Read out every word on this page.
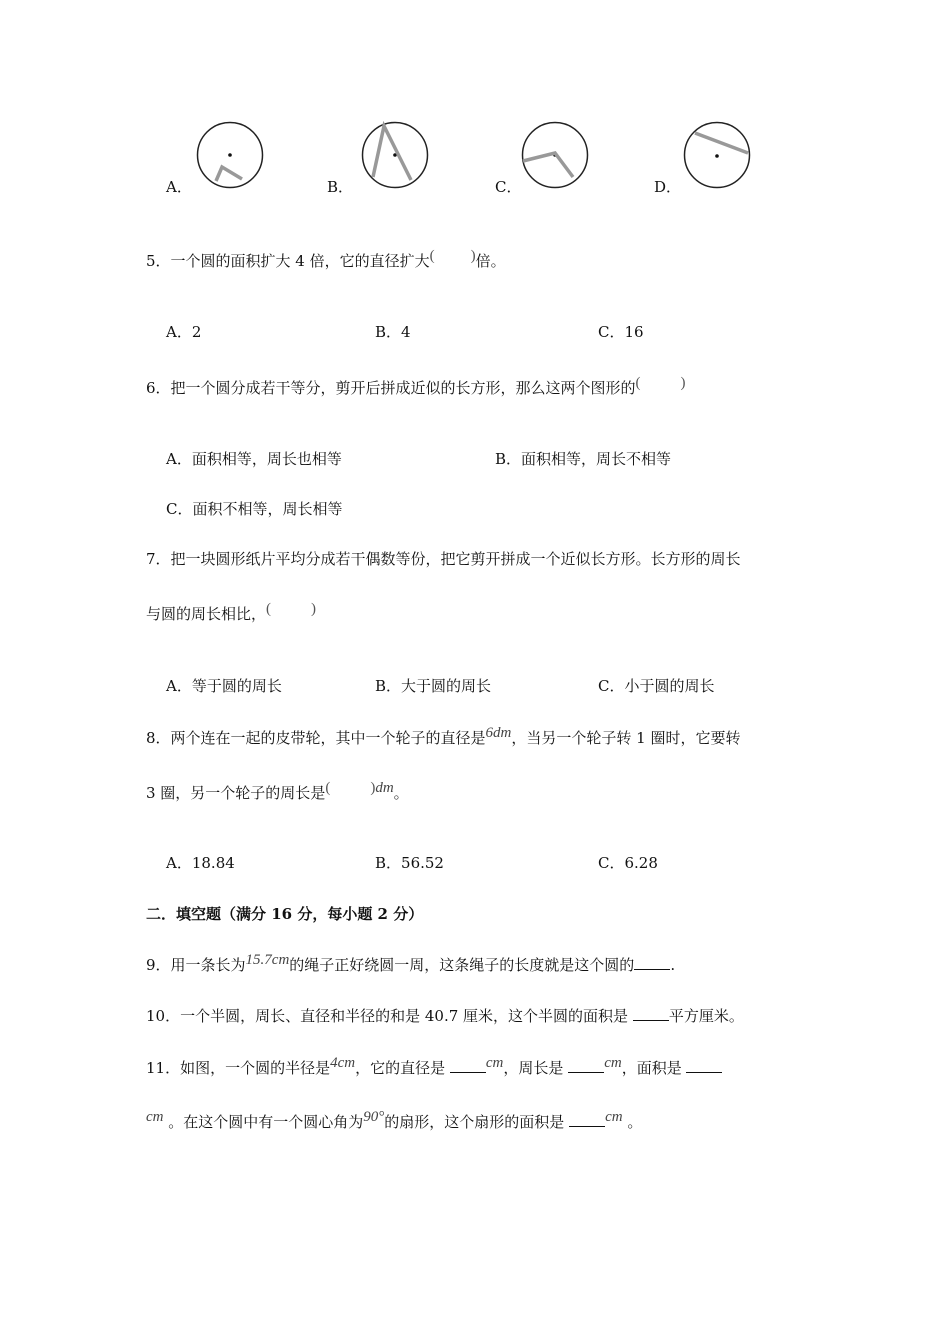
A．	B．	C．	D．
5．一个圆的面积扩大 4 倍，它的直径扩大( )倍。
A．2	B．4	C．16
6．把一个圆分成若干等分，剪开后拼成近似的长方形，那么这两个图形的(	)
A．面积相等，周长也相等	B．面积相等，周长不相等
C．面积不相等，周长相等
7．把一块圆形纸片平均分成若干偶数等份，把它剪开拼成一个近似长方形。长方形的周长
与圆的周长相比，(	)
A．等于圆的周长	B．大于圆的周长	C．小于圆的周长
8．两个连在一起的皮带轮，其中一个轮子的直径是6dm，当另一个轮子转 1 圈时，它要转
3 圈，另一个轮子的周长是(	)dm。
A．18.84	B．56.52	C．6.28
二．填空题（满分 16 分，每小题 2 分）
9．用一条长为15.7cm的绳子正好绕圆一周，这条绳子的长度就是这个圆的 .
10．一个半圆，周长、直径和半径的和是 40.7 厘米，这个半圆的面积是	平方厘米。
11．如图，一个圆的半径是4cm，它的直径是	cm，周长是	cm，面积是
cm 。在这个圆中有一个圆心角为90°的扇形，这个扇形的面积是	cm 。
